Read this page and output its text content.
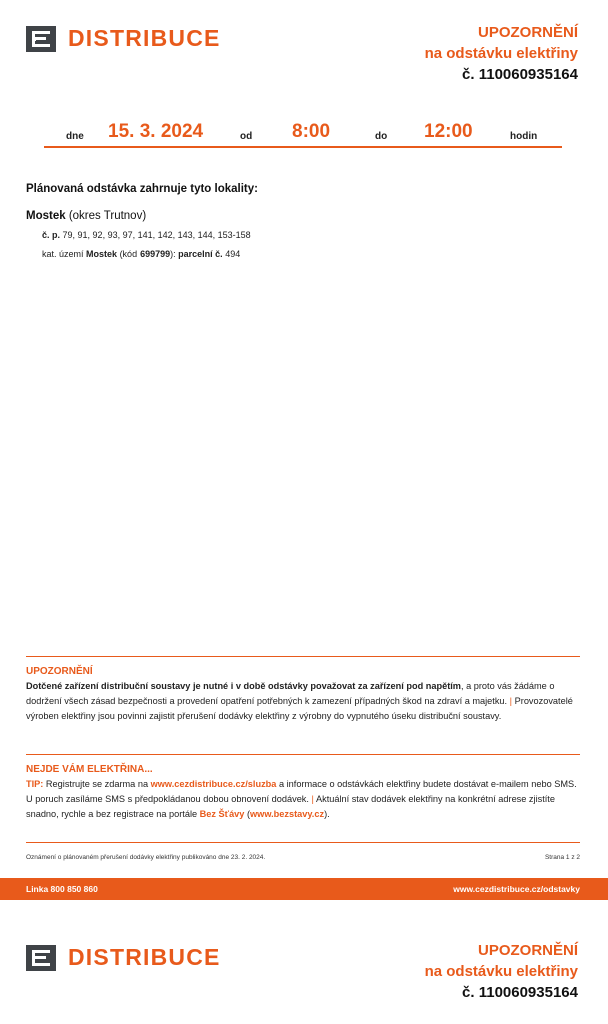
DISTRIBUCE	UPOZORNĚNÍ
na odstávku elektřiny
č. 110060935164
dne 15. 3. 2024	od 8:00	do 12:00	hodin
Plánovaná odstávka zahrnuje tyto lokality:
Mostek (okres Trutnov)
č. p. 79, 91, 92, 93, 97, 141, 142, 143, 144, 153-158
kat. území Mostek (kód 699799): parcelní č. 494
UPOZORNĚNÍ
Dotčené zařízení distribuční soustavy je nutné i v době odstávky považovat za zařízení pod napětím, a proto vás žádáme o dodržení všech zásad bezpečnosti a provedení opatření potřebných k zamezení případných škod na zdraví a majetku. | Provozovatelé výroben elektřiny jsou povinni zajistit přerušení dodávky elektřiny z výrobny do vypnutého úseku distribuční soustavy.
NEJDE VÁM ELEKTŘINA...
TIP: Registrujte se zdarma na www.cezdistribuce.cz/sluzba a informace o odstávkách elektřiny budete dostávat e-mailem nebo SMS. U poruch zasíláme SMS s předpokládanou dobou obnovení dodávek. | Aktuální stav dodávek elektřiny na konkrétní adrese zjistíte snadno, rychle a bez registrace na portále Bez Šťávy (www.bezstavy.cz).
Oznámení o plánovaném přerušení dodávky elektřiny publikováno dne 23. 2. 2024.	Strana 1 z 2
Linka 800 850 860	www.cezdistribuce.cz/odstavky
DISTRIBUCE	UPOZORNĚNÍ
na odstávku elektřiny
č. 110060935164
